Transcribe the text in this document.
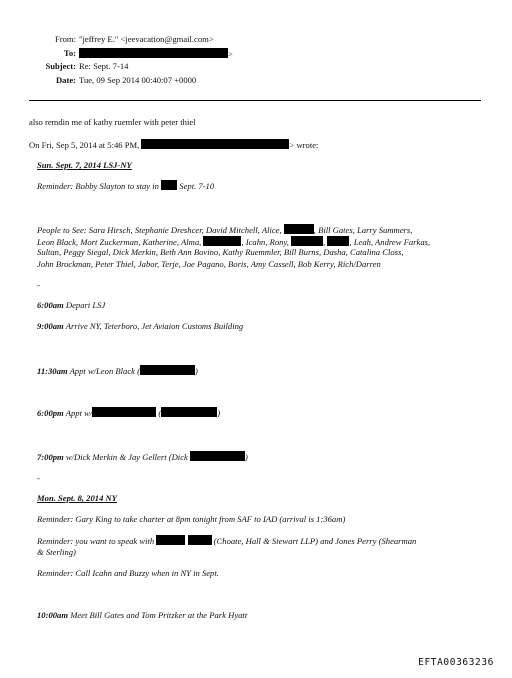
From: "jeffrey E." <jeevacation@gmail.com>
To:	>
Subject: Re: Sept. 7-14
Date: Tue, 09 Sep 2014 00:40:07 +0000
also remdin me of kathy ruemler with peter thiel
On Fri, Sep 5, 2014 at 5:46 PM,	> wrote:
Sun. Sept. 7, 2014 LSJ-NY
Reminder: Bobby Slayton to stay in Sept. 7-10
People to See: Sara Hirsch, Stephanie Dreshcer, David Mitchell, Alice,	, Bill Gates, Larry Summers,
Leon Black, Mort Zuckerman, Katherine, Alma,	, Icahn, Rony,	,	, Leah, Andrew Farkas,
Sultan, Peggy Siegal, Dick Merkin, Beth Ann Bovino, Kathy Ruemmler, Bill Burns, Dasha, Catalina Closs,
John Brockman, Peter Thiel, Jabor, Terje, Joe Pagano, Boris, Amy Cassell, Bob Kerry, Rich/Darren
-
6:00am Depart LSJ
9:00am Arrive NY, Teterboro, Jet Aviaion Customs Building
11:30am Appt w/Leon Black (	)
6:00pm Appt w/	(	)
7:00pm w/Dick Merkin & Jay Gellert (Dick	)
-
Mon. Sept. 8, 2014 NY
Reminder: Gary King to take charter at 8pm tonight from SAF to IAD (arrival is 1:36am)
Reminder: you want to speak with	(Choate, Hall & Stewart LLP) and Jones Perry (Shearman
& Sterling)
Reminder: Call Icahn and Buzzy when in NY in Sept.
10:00am Meet Bill Gates and Tom Pritzker at the Park Hyatt
EFTA00363236
